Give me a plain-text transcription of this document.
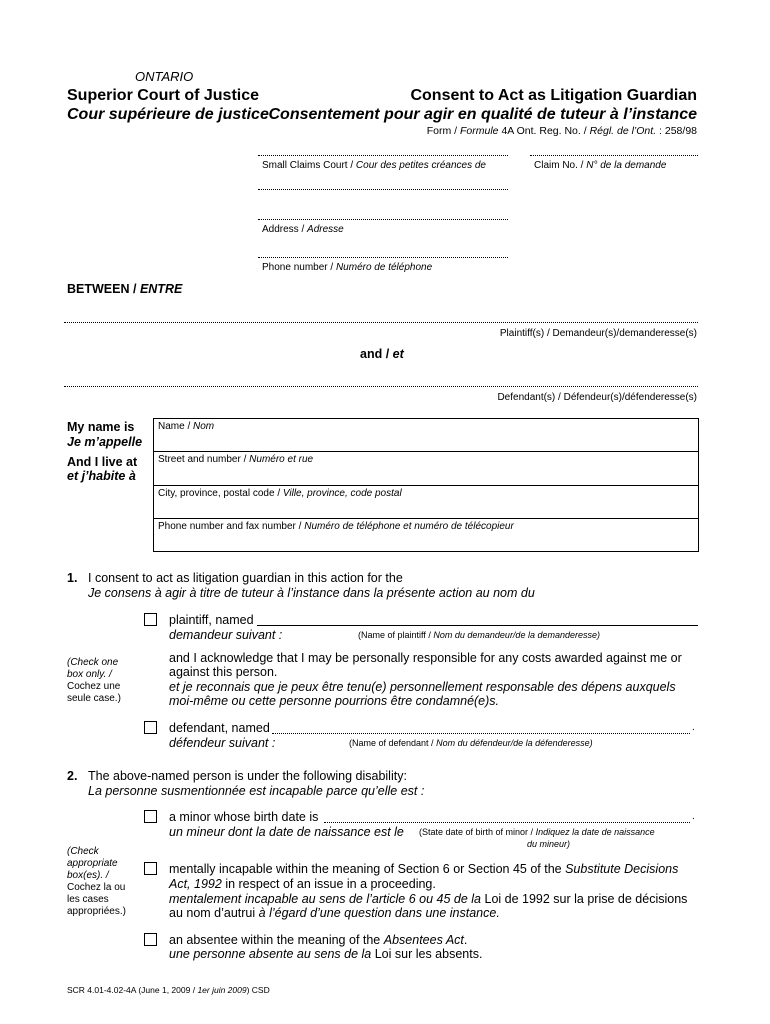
ONTARIO
Superior Court of Justice
Cour supérieure de justice
Consent to Act as Litigation Guardian
Consentement pour agir en qualité de tuteur à l’instance
Form / Formule 4A Ont. Reg. No. / Régl. de l’Ont. : 258/98
Small Claims Court / Cour des petites créances de	Claim No. / N° de la demande
Address / Adresse
Phone number / Numéro de téléphone
BETWEEN / ENTRE
Plaintiff(s) / Demandeur(s)/demanderesse(s)
and / et
Defendant(s) / Défendeur(s)/défenderesse(s)
My name is
Je m’appelle
And I live at
et j’habite à
Name / Nom
Street and number / Numéro et rue
City, province, postal code / Ville, province, code postal
Phone number and fax number / Numéro de téléphone et numéro de télécopieur
1. I consent to act as litigation guardian in this action for the
Je consens à agir à titre de tuteur à l’instance dans la présente action au nom du
(Check one
box only. /
Cochez une
seule case.)
plaintiff, named
demandeur suivant :	(Name of plaintiff / Nom du demandeur/de la demanderesse)
and I acknowledge that I may be personally responsible for any costs awarded against me or
against this person.
et je reconnais que je peux être tenu(e) personnellement responsable des dépens auxquels
moi-même ou cette personne pourrions être condamné(e)s.
defendant, named
défendeur suivant :
.
(Name of defendant / Nom du défendeur/de la défenderesse)
2. The above-named person is under the following disability:
La personne susmentionnée est incapable parce qu’elle est :
(Check
appropriate
box(es). /
Cochez la ou
les cases
appropriées.)
a minor whose birth date is
un mineur dont la date de naissance est le
.
(State date of birth of minor / Indiquez la date de naissance
du mineur)
mentally incapable within the meaning of Section 6 or Section 45 of the Substitute Decisions
Act, 1992 in respect of an issue in a proceeding.
mentalement incapable au sens de l’article 6 ou 45 de la Loi de 1992 sur la prise de décisions
au nom d’autrui à l’égard d’une question dans une instance.
an absentee within the meaning of the Absentees Act.
une personne absente au sens de la Loi sur les absents.
SCR 4.01-4.02-4A (June 1, 2009 / 1er juin 2009) CSD
